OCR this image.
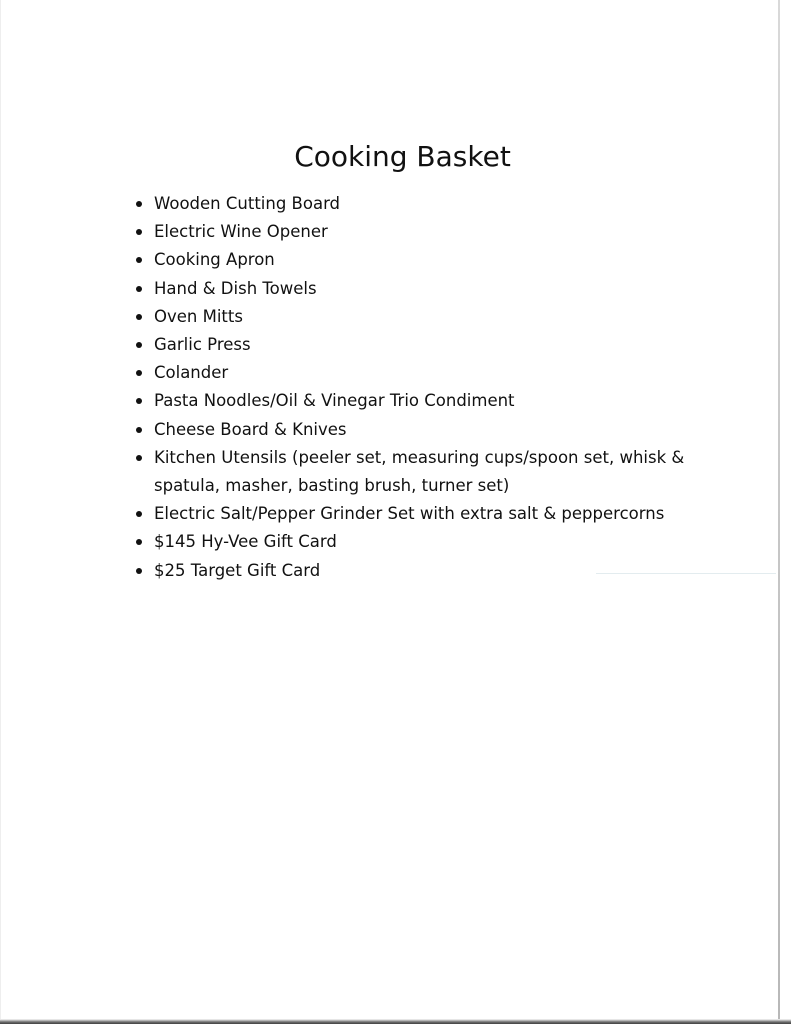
Cooking Basket
Wooden Cutting Board
Electric Wine Opener
Cooking Apron
Hand & Dish Towels
Oven Mitts
Garlic Press
Colander
Pasta Noodles/Oil & Vinegar Trio Condiment
Cheese Board & Knives
Kitchen Utensils (peeler set, measuring cups/spoon set, whisk & spatula, masher, basting brush, turner set)
Electric Salt/Pepper Grinder Set with extra salt & peppercorns
$145 Hy-Vee Gift Card
$25 Target Gift Card
